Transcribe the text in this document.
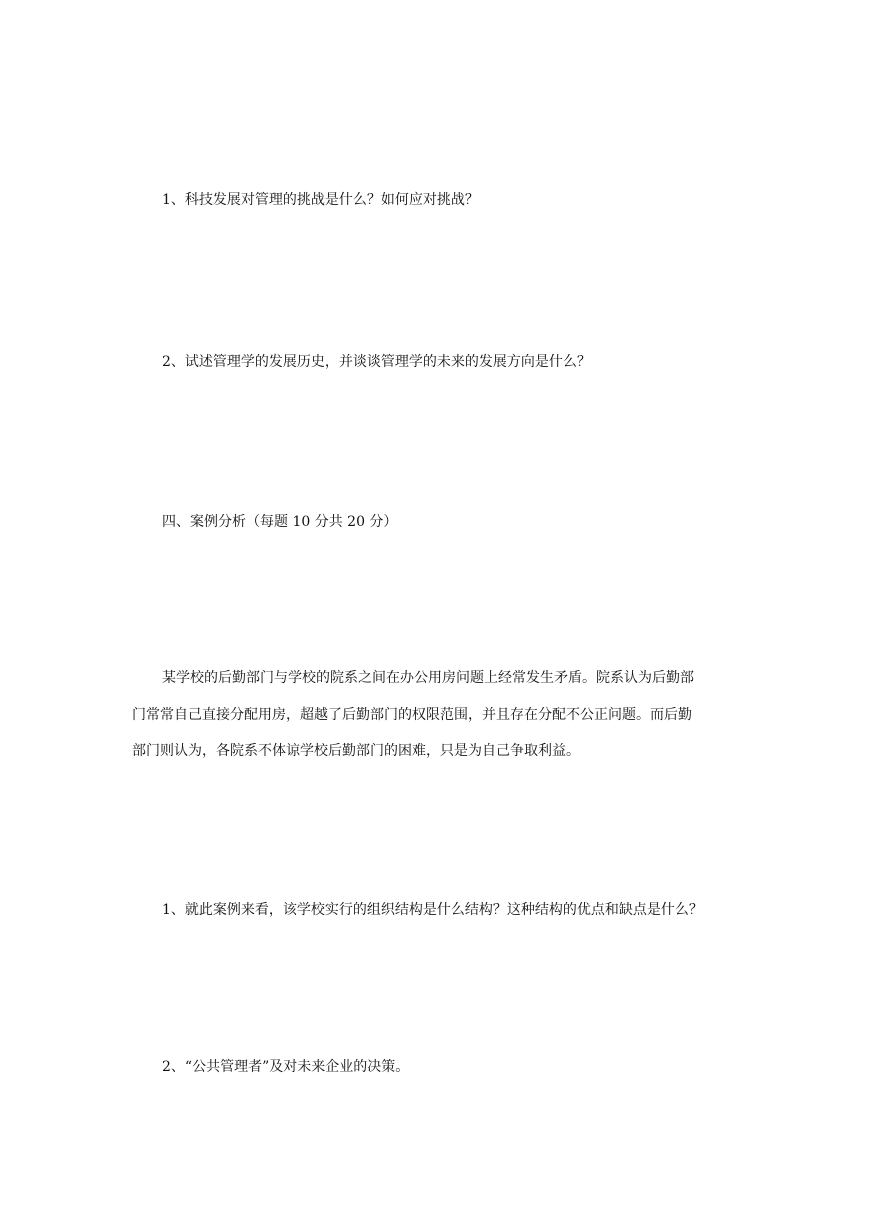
1、科技发展对管理的挑战是什么？如何应对挑战？
2、试述管理学的发展历史，并谈谈管理学的未来的发展方向是什么？
四、案例分析（每题 10 分共 20 分）
某学校的后勤部门与学校的院系之间在办公用房问题上经常发生矛盾。院系认为后勤部
门常常自己直接分配用房，超越了后勤部门的权限范围，并且存在分配不公正问题。而后勤
部门则认为，各院系不体谅学校后勤部门的困难，只是为自己争取利益。
1、就此案例来看，该学校实行的组织结构是什么结构？这种结构的优点和缺点是什么？
2、“公共管理者”及对未来企业的决策。
